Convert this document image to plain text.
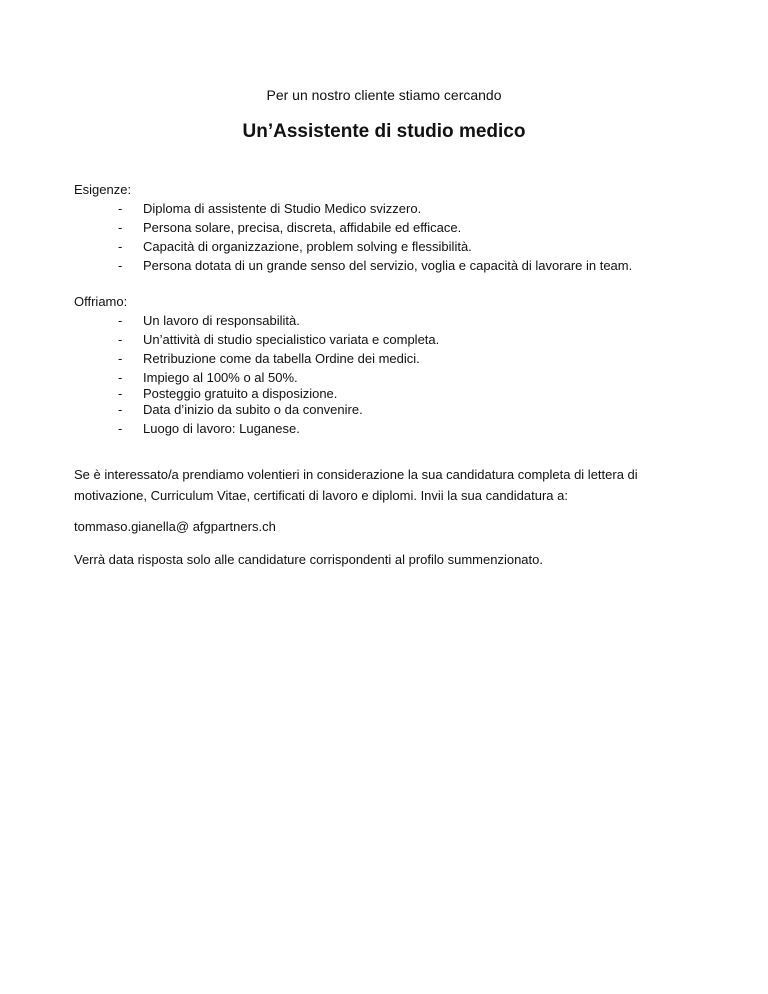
Per un nostro cliente stiamo cercando
Un’Assistente di studio medico
Esigenze:
- Diploma di assistente di Studio Medico svizzero.
- Persona solare, precisa, discreta, affidabile ed efficace.
- Capacità di organizzazione, problem solving e flessibilità.
- Persona dotata di un grande senso del servizio, voglia e capacità di lavorare in team.
Offriamo:
- Un lavoro di responsabilità.
- Un’attività di studio specialistico variata e completa.
- Retribuzione come da tabella Ordine dei medici.
- Impiego al 100% o al 50%.
- Posteggio gratuito a disposizione.
- Data d’inizio da subito o da convenire.
- Luogo di lavoro: Luganese.
Se è interessato/a prendiamo volentieri in considerazione la sua candidatura completa di lettera di motivazione, Curriculum Vitae, certificati di lavoro e diplomi. Invii la sua candidatura a:
tommaso.gianella@ afgpartners.ch
Verrà data risposta solo alle candidature corrispondenti al profilo summenzionato.
